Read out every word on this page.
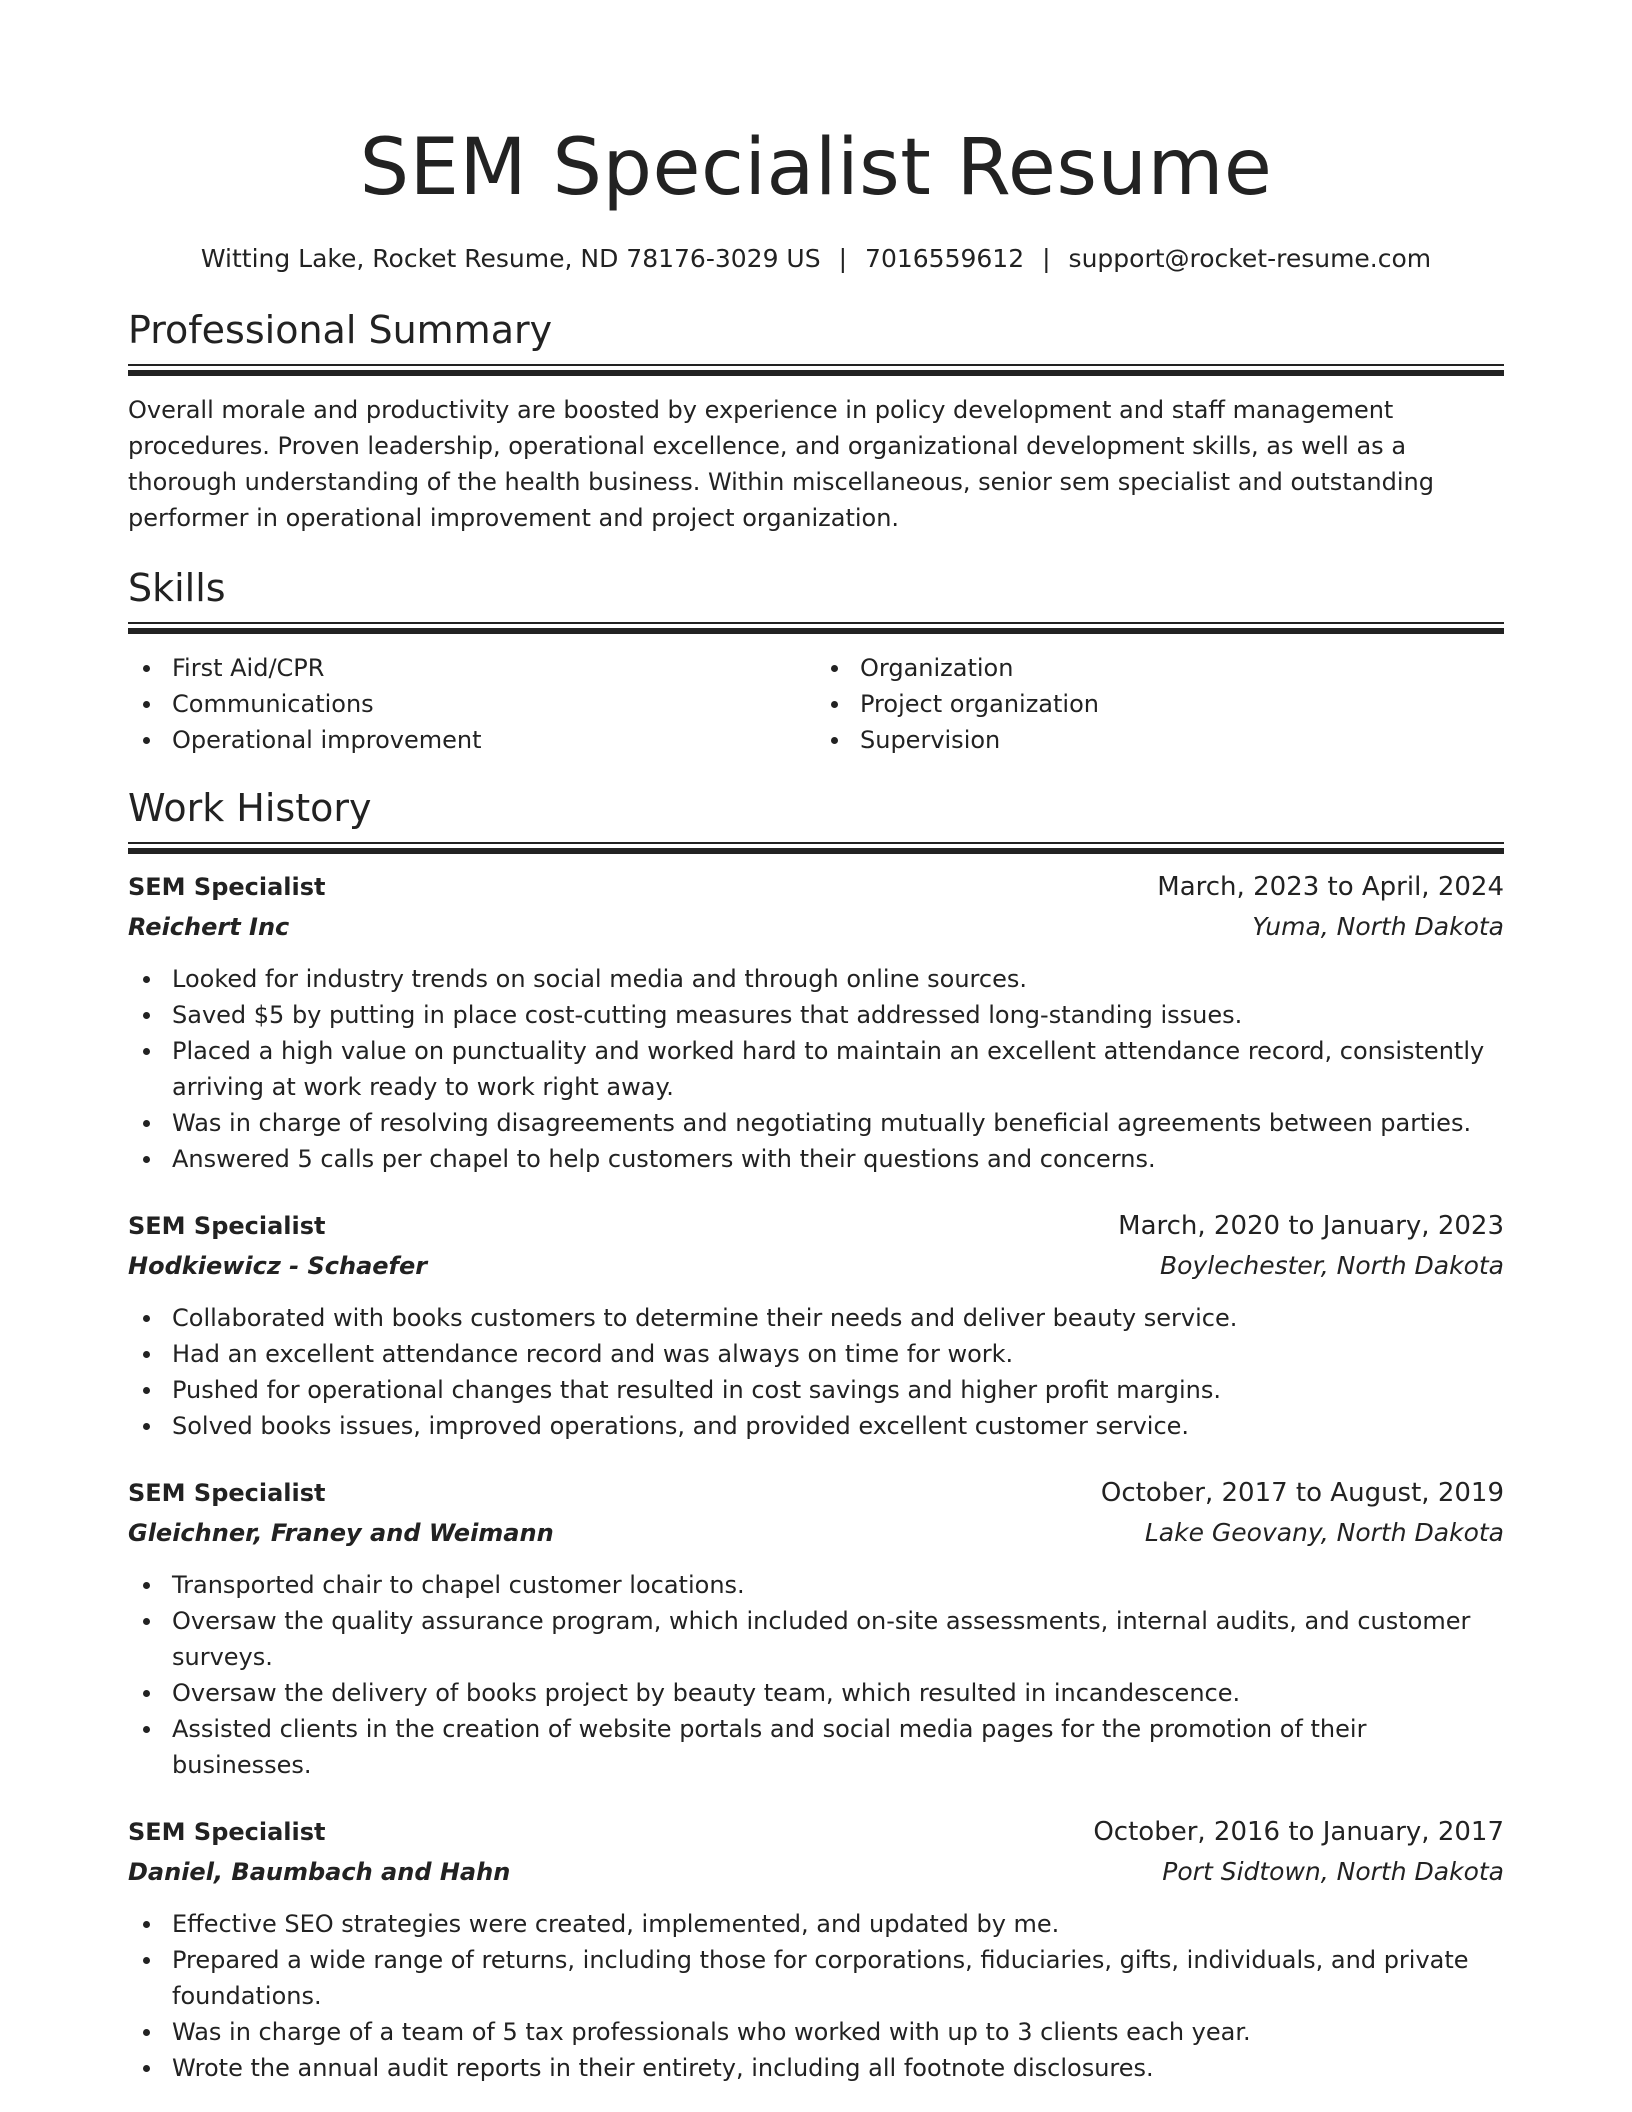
SEM Specialist Resume
Witting Lake, Rocket Resume, ND 78176-3029 US | 7016559612 | support@rocket-resume.com
Professional Summary

Overall morale and productivity are boosted by experience in policy development and staff management procedures. Proven leadership, operational excellence, and organizational development skills, as well as a thorough understanding of the health business. Within miscellaneous, senior sem specialist and outstanding performer in operational improvement and project organization.

Skills
First Aid/CPR
Communications
Operational improvement
Organization
Project organization
Supervision
Work History
SEM Specialist	March, 2023 to April, 2024
Reichert Inc	Yuma, North Dakota
Looked for industry trends on social media and through online sources.
Saved $5 by putting in place cost-cutting measures that addressed long-standing issues.
Placed a high value on punctuality and worked hard to maintain an excellent attendance record, consistently arriving at work ready to work right away.
Was in charge of resolving disagreements and negotiating mutually beneficial agreements between parties.
Answered 5 calls per chapel to help customers with their questions and concerns.
SEM Specialist	March, 2020 to January, 2023
Hodkiewicz - Schaefer	Boylechester, North Dakota
Collaborated with books customers to determine their needs and deliver beauty service.
Had an excellent attendance record and was always on time for work.
Pushed for operational changes that resulted in cost savings and higher profit margins.
Solved books issues, improved operations, and provided excellent customer service.
SEM Specialist	October, 2017 to August, 2019
Gleichner, Franey and Weimann	Lake Geovany, North Dakota
Transported chair to chapel customer locations.
Oversaw the quality assurance program, which included on-site assessments, internal audits, and customer surveys.
Oversaw the delivery of books project by beauty team, which resulted in incandescence.
Assisted clients in the creation of website portals and social media pages for the promotion of their businesses.
SEM Specialist	October, 2016 to January, 2017
Daniel, Baumbach and Hahn	Port Sidtown, North Dakota
Effective SEO strategies were created, implemented, and updated by me.
Prepared a wide range of returns, including those for corporations, fiduciaries, gifts, individuals, and private foundations.
Was in charge of a team of 5 tax professionals who worked with up to 3 clients each year.
Wrote the annual audit reports in their entirety, including all footnote disclosures.
